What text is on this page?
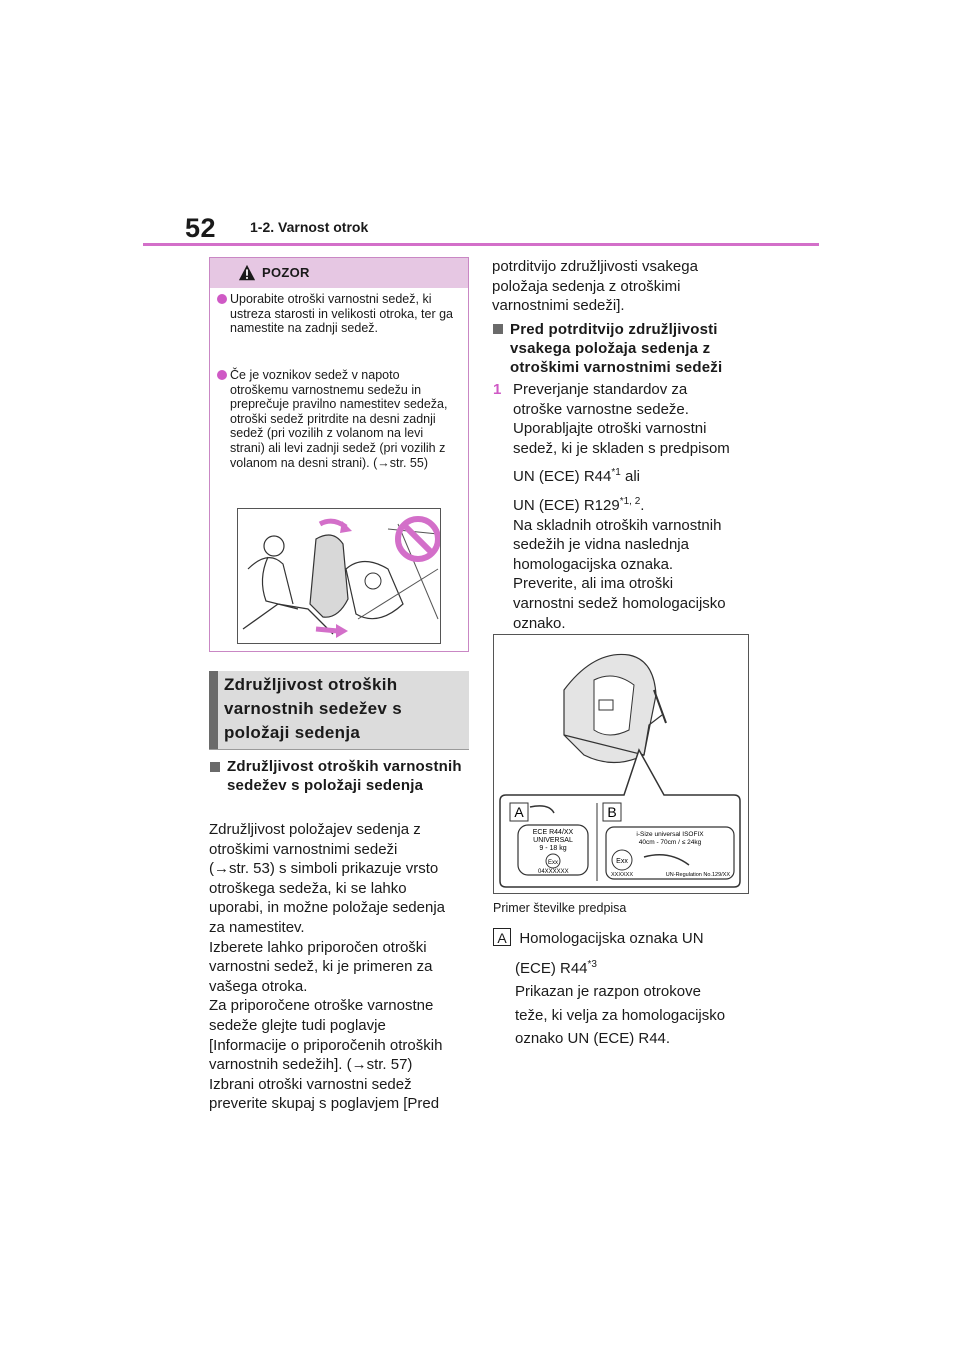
52 1-2. Varnost otrok
POZOR
Uporabite otroški varnostni sedež, ki ustreza starosti in velikosti otroka, ter ga namestite na zadnji sedež.
Če je voznikov sedež v napoto otroškemu varnostnemu sedežu in preprečuje pravilno namestitev sedeža, otroški sedež pritrdite na desni zadnji sedež (pri vozilih z volanom na levi strani) ali levi zadnji sedež (pri vozilih z volanom na desni strani). (→str. 55)
Združljivost otroških
varnostnih sedežev s
položaji sedenja
Združljivost otroških varnostnih sedežev s položaji sedenja
Združljivost položajev sedenja z
otroškimi varnostnimi sedeži
(→str. 53) s simboli prikazuje vrsto
otroškega sedeža, ki se lahko
uporabi, in možne položaje sedenja
za namestitev.
Izberete lahko priporočen otroški
varnostni sedež, ki je primeren za
vašega otroka.
Za priporočene otroške varnostne
sedeže glejte tudi poglavje
[Informacije o priporočenih otroških
varnostnih sedežih]. (→str. 57)
Izbrani otroški varnostni sedež
preverite skupaj s poglavjem [Pred
potrditvijo združljivosti vsakega
položaja sedenja z otroškimi
varnostnimi sedeži].
Pred potrditvijo združljivosti vsakega položaja sedenja z otroškimi varnostnimi sedeži
1 Preverjanje standardov za
otroške varnostne sedeže.
Uporabljajte otroški varnostni
sedež, ki je skladen s predpisom
UN (ECE) R44$^{*1}$ ali
UN (ECE) R129$^{*1, 2}$.
Na skladnih otroških varnostnih
sedežih je vidna naslednja
homologacijska oznaka.
Preverite, ali ima otroški
varnostni sedež homologacijsko
oznako.
A
ECE R44/XX
UNIVERSAL
9 - 18 kg
Exx
04XXXXXX
B
i-Size universal ISOFIX
40cm - 70cm / ≤ 24kg
Exx
XXXXXX	UN-Regulation No.129/XX
Primer številke predpisa
A Homologacijska oznaka UN
(ECE) R44$^{*3}$
Prikazan je razpon otrokove
teže, ki velja za homologacijsko
oznako UN (ECE) R44.
